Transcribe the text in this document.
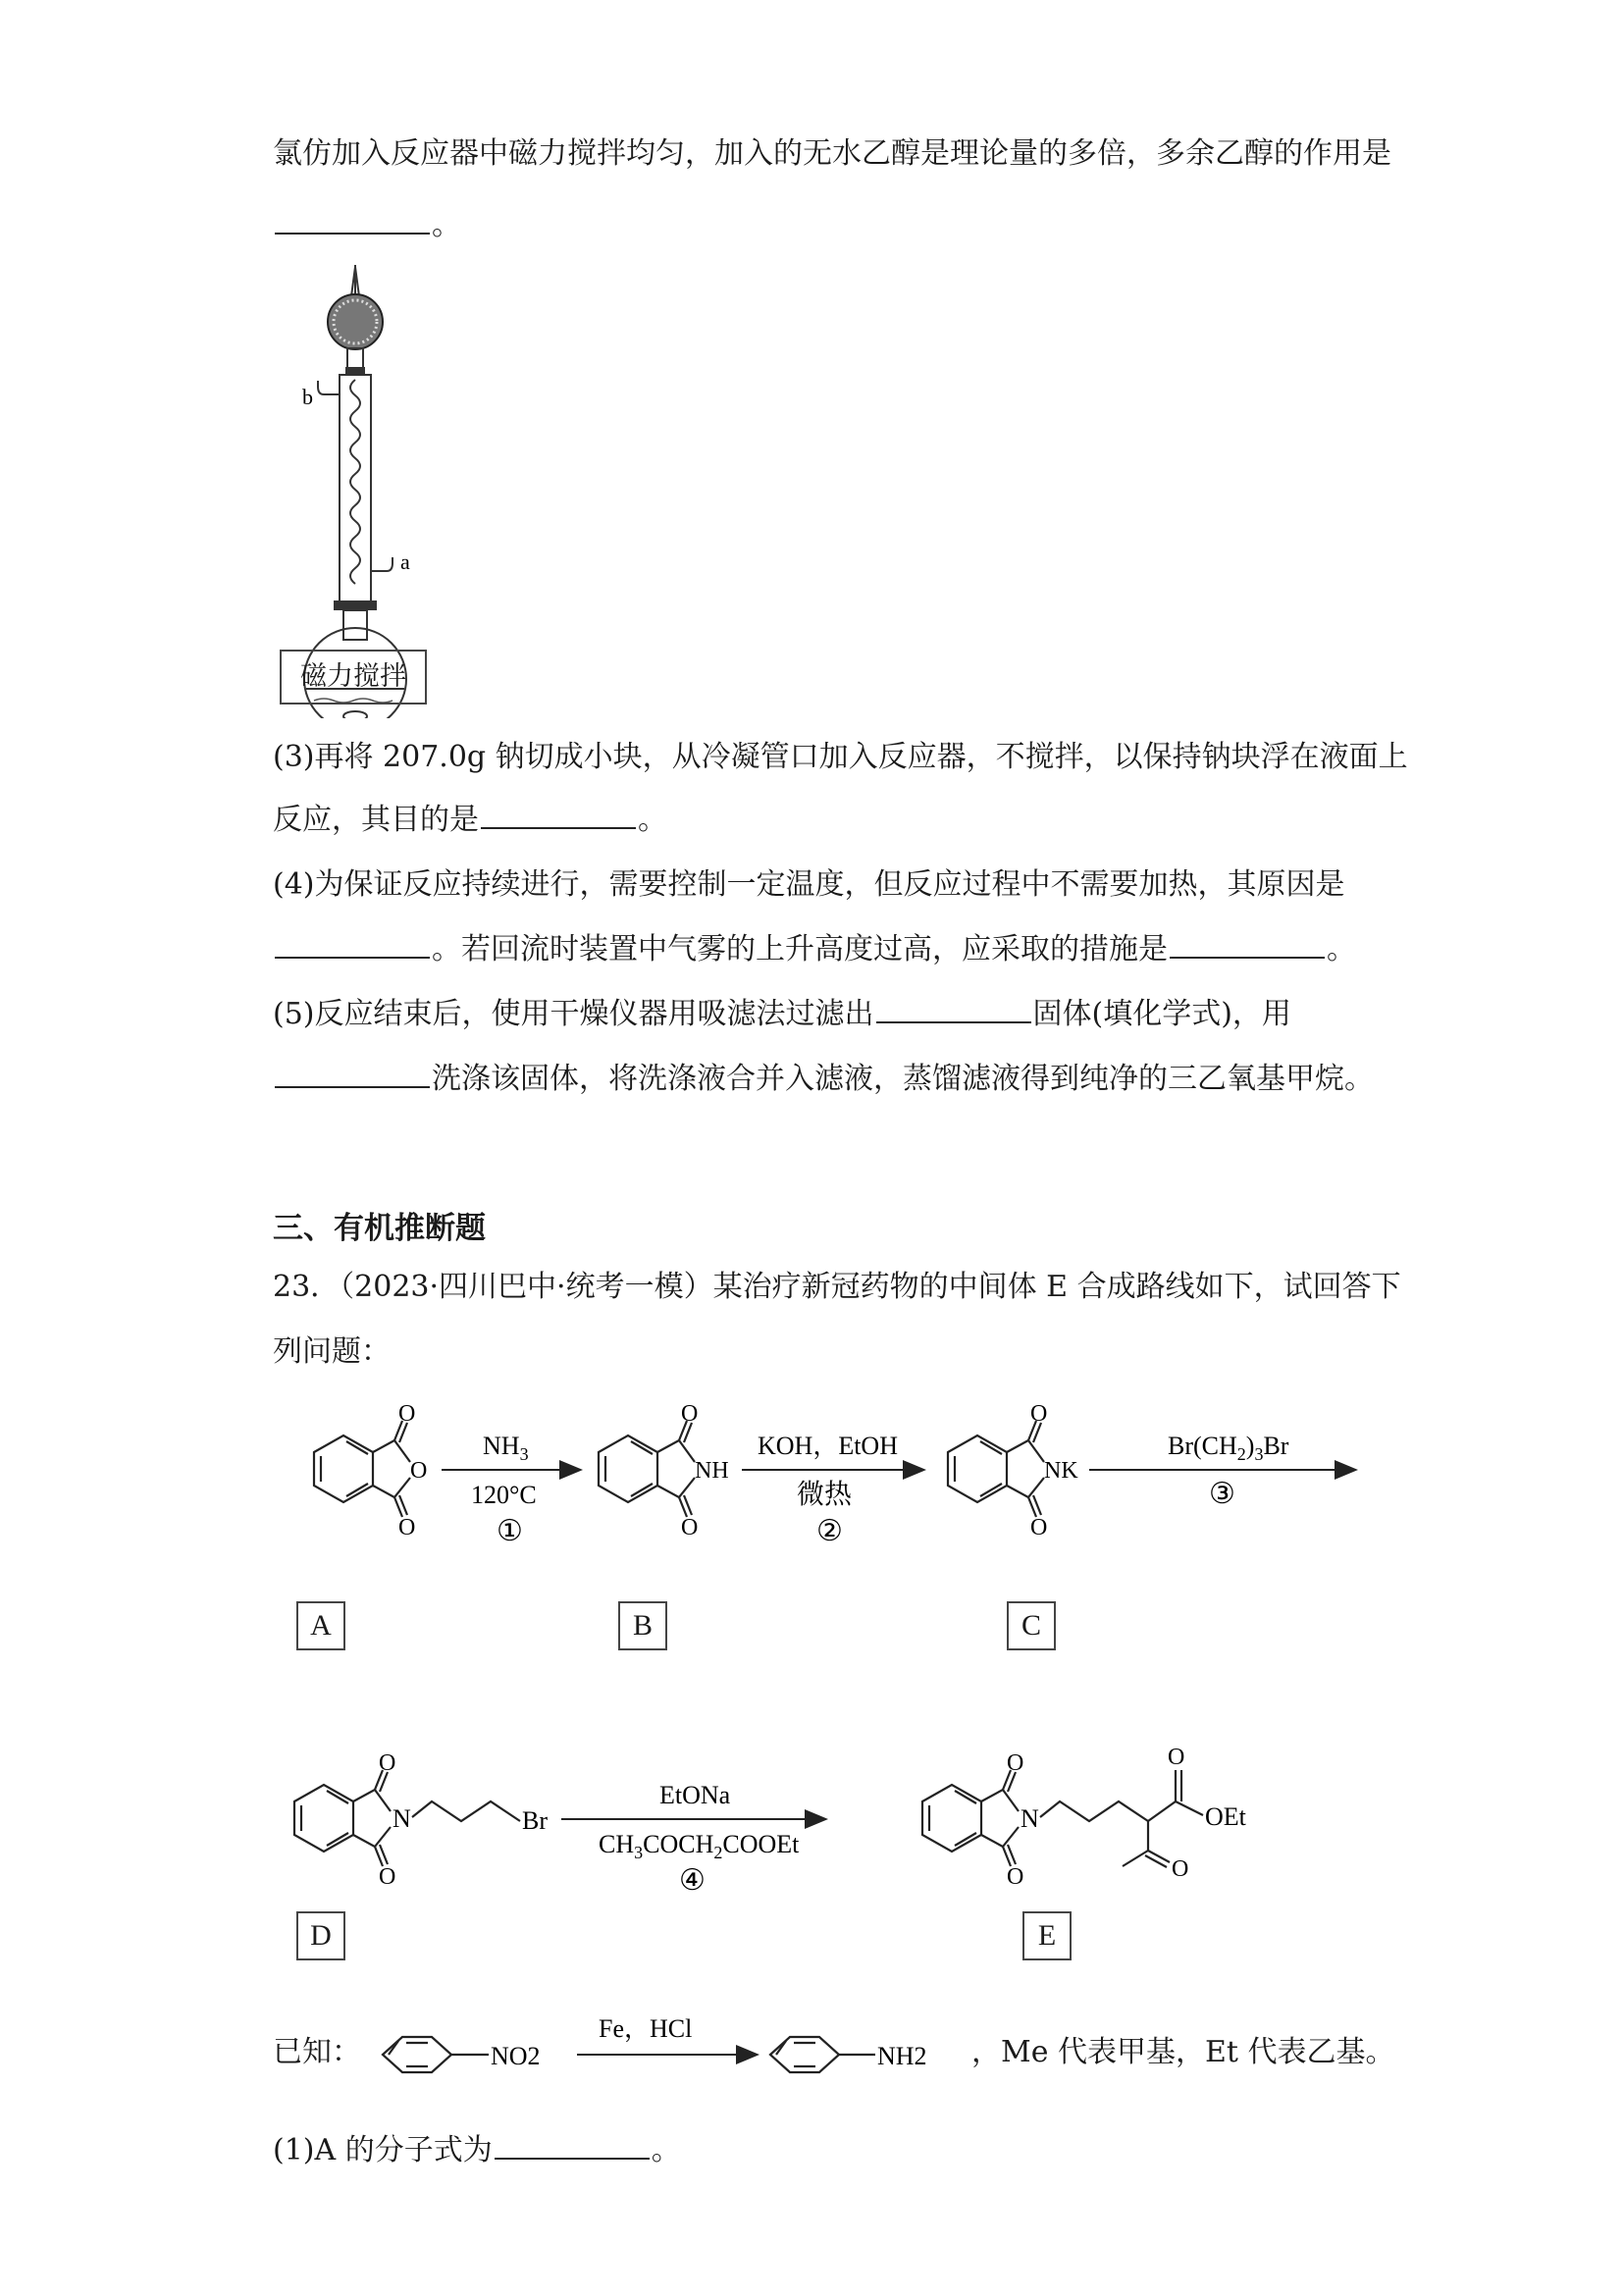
氯仿加入反应器中磁力搅拌均匀，加入的无水乙醇是理论量的多倍，多余乙醇的作用是
。
b
a
磁力搅拌
(3)再将 207.0g 钠切成小块，从冷凝管口加入反应器，不搅拌，以保持钠块浮在液面上
反应，其目的是	。
(4)为保证反应持续进行，需要控制一定温度，但反应过程中不需要加热，其原因是
。若回流时装置中气雾的上升高度过高，应采取的措施是	。
(5)反应结束后，使用干燥仪器用吸滤法过滤出	固体(填化学式)，用
洗涤该固体，将洗涤液合并入滤液，蒸馏滤液得到纯净的三乙氧基甲烷。
三、有机推断题
23．（2023·四川巴中·统考一模）某治疗新冠药物的中间体 E 合成路线如下，试回答下
列问题：
O
O
O
$NH_3$
120°C
①
O
NH
O
KOH，EtOH
微热
②
O
NK
O
$Br(CH_2)_3Br$
③
A	B	C
O
N
O
Br
EtONa
$CH_3COCH_2COOEt$
④
O
N
O
O
OEt
O
D	E
已知：	NO2
Fe，HCl
NH2 ，Me 代表甲基，Et 代表乙基。
(1)A 的分子式为	。
